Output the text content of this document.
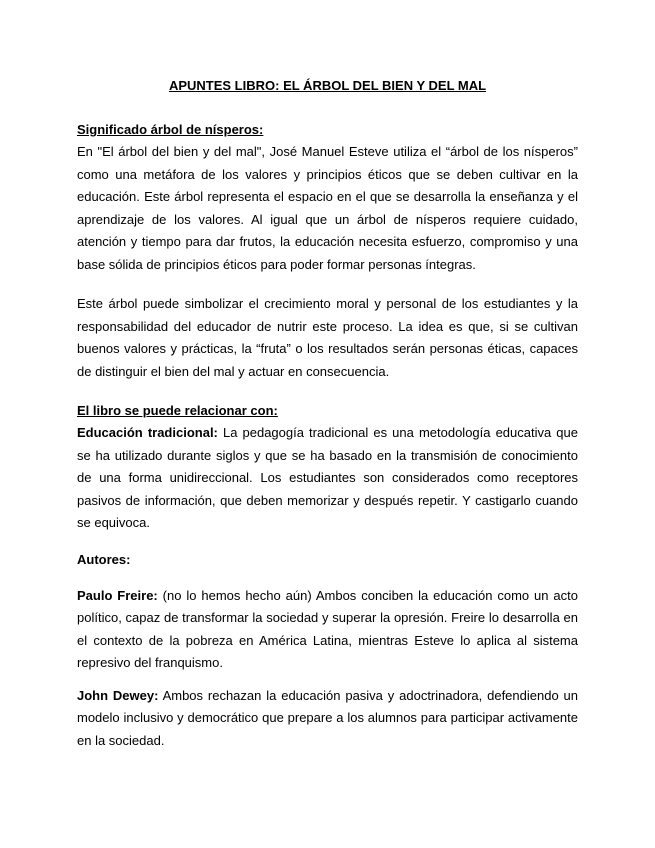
APUNTES LIBRO: EL ÁRBOL DEL BIEN Y DEL MAL
Significado árbol de nísperos:

En "El árbol del bien y del mal", José Manuel Esteve utiliza el “árbol de los nísperos” como una metáfora de los valores y principios éticos que se deben cultivar en la educación. Este árbol representa el espacio en el que se desarrolla la enseñanza y el aprendizaje de los valores. Al igual que un árbol de nísperos requiere cuidado, atención y tiempo para dar frutos, la educación necesita esfuerzo, compromiso y una base sólida de principios éticos para poder formar personas íntegras.

Este árbol puede simbolizar el crecimiento moral y personal de los estudiantes y la responsabilidad del educador de nutrir este proceso. La idea es que, si se cultivan buenos valores y prácticas, la “fruta” o los resultados serán personas éticas, capaces de distinguir el bien del mal y actuar en consecuencia.

El libro se puede relacionar con:

Educación tradicional: La pedagogía tradicional es una metodología educativa que se ha utilizado durante siglos y que se ha basado en la transmisión de conocimiento de una forma unidireccional. Los estudiantes son considerados como receptores pasivos de información, que deben memorizar y después repetir. Y castigarlo cuando se equivoca.

Autores:

Paulo Freire: (no lo hemos hecho aún) Ambos conciben la educación como un acto político, capaz de transformar la sociedad y superar la opresión. Freire lo desarrolla en el contexto de la pobreza en América Latina, mientras Esteve lo aplica al sistema represivo del franquismo.

John Dewey: Ambos rechazan la educación pasiva y adoctrinadora, defendiendo un modelo inclusivo y democrático que prepare a los alumnos para participar activamente en la sociedad.
